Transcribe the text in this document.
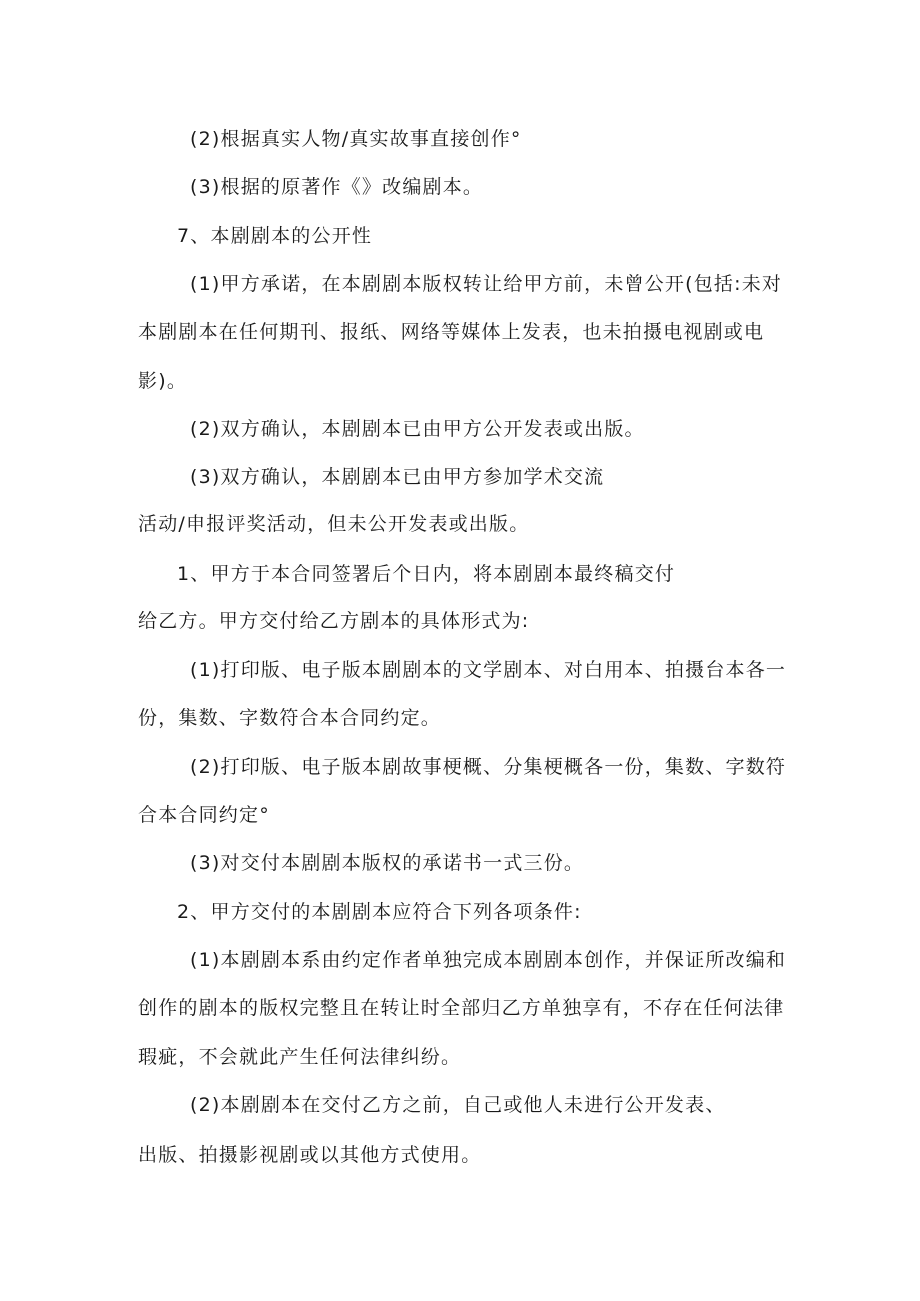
(2)根据真实人物/真实故事直接创作°
(3)根据的原著作《》改编剧本。
7、本剧剧本的公开性
(1)甲方承诺，在本剧剧本版权转让给甲方前，未曾公开(包括:未对
本剧剧本在任何期刊、报纸、网络等媒体上发表，也未拍摄电视剧或电
影)。
(2)双方确认，本剧剧本已由甲方公开发表或出版。
(3)双方确认，本剧剧本已由甲方参加学术交流
活动/申报评奖活动，但未公开发表或出版。
1、甲方于本合同签署后个日内，将本剧剧本最终稿交付
给乙方。甲方交付给乙方剧本的具体形式为:
(1)打印版、电子版本剧剧本的文学剧本、对白用本、拍摄台本各一
份，集数、字数符合本合同约定。
(2)打印版、电子版本剧故事梗概、分集梗概各一份，集数、字数符
合本合同约定°
(3)对交付本剧剧本版权的承诺书一式三份。
2、甲方交付的本剧剧本应符合下列各项条件:
(1)本剧剧本系由约定作者单独完成本剧剧本创作，并保证所改编和
创作的剧本的版权完整且在转让时全部归乙方单独享有，不存在任何法律
瑕疵，不会就此产生任何法律纠纷。
(2)本剧剧本在交付乙方之前，自己或他人未进行公开发表、
出版、拍摄影视剧或以其他方式使用。
